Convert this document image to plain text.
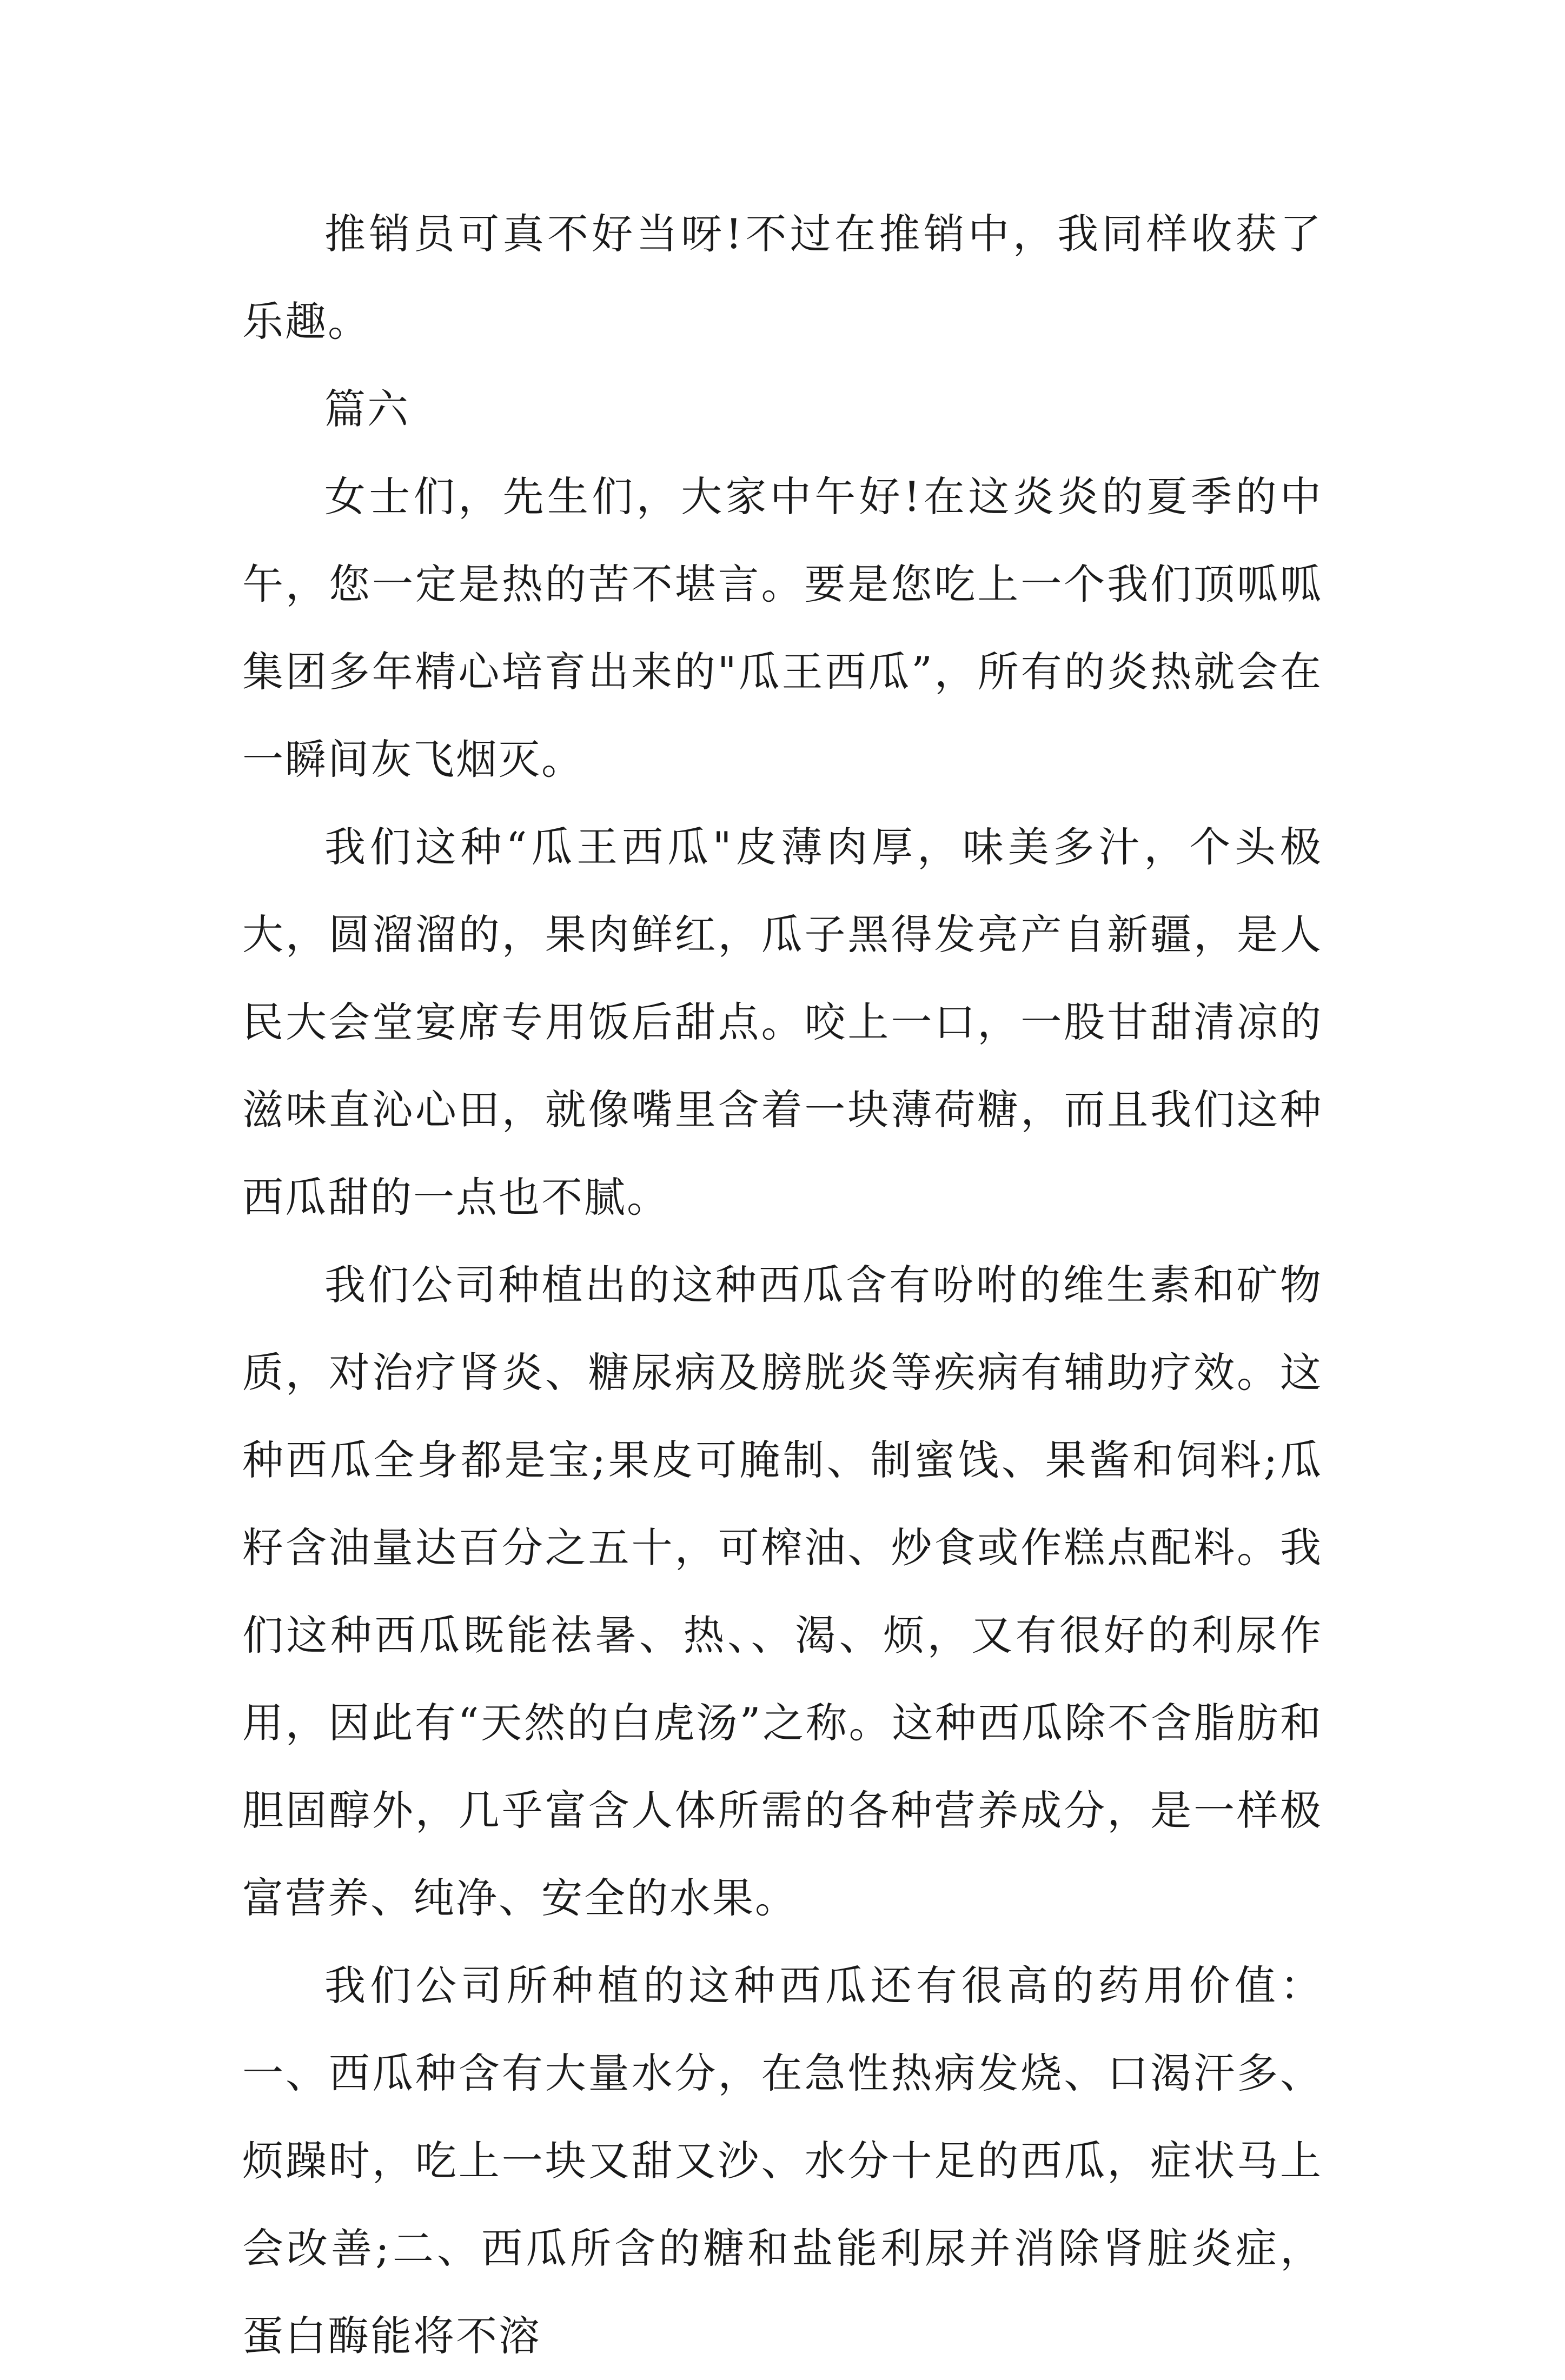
推销员可真不好当呀!不过在推销中，我同样收获了乐趣。

篇六

女士们，先生们，大家中午好!在这炎炎的夏季的中午，您一定是热的苦不堪言。要是您吃上一个我们顶呱呱集团多年精心培育出来的"瓜王西瓜”，所有的炎热就会在一瞬间灰飞烟灭。

我们这种“瓜王西瓜"皮薄肉厚，味美多汁，个头极大，圆溜溜的，果肉鲜红，瓜子黑得发亮产自新疆，是人民大会堂宴席专用饭后甜点。咬上一口，一股甘甜清凉的滋味直沁心田，就像嘴里含着一块薄荷糖，而且我们这种西瓜甜的一点也不腻。

我们公司种植出的这种西瓜含有吩咐的维生素和矿物质，对治疗肾炎、糖尿病及膀胱炎等疾病有辅助疗效。这种西瓜全身都是宝;果皮可腌制、制蜜饯、果酱和饲料;瓜籽含油量达百分之五十，可榨油、炒食或作糕点配料。我们这种西瓜既能祛暑、热、、渴、烦，又有很好的利尿作用，因此有“天然的白虎汤”之称。这种西瓜除不含脂肪和胆固醇外，几乎富含人体所需的各种营养成分，是一样极富营养、纯净、安全的水果。

我们公司所种植的这种西瓜还有很高的药用价值：一、西瓜种含有大量水分，在急性热病发烧、口渴汗多、烦躁时，吃上一块又甜又沙、水分十足的西瓜，症状马上会改善;二、西瓜所含的糖和盐能利尿并消除肾脏炎症，蛋白酶能将不溶
